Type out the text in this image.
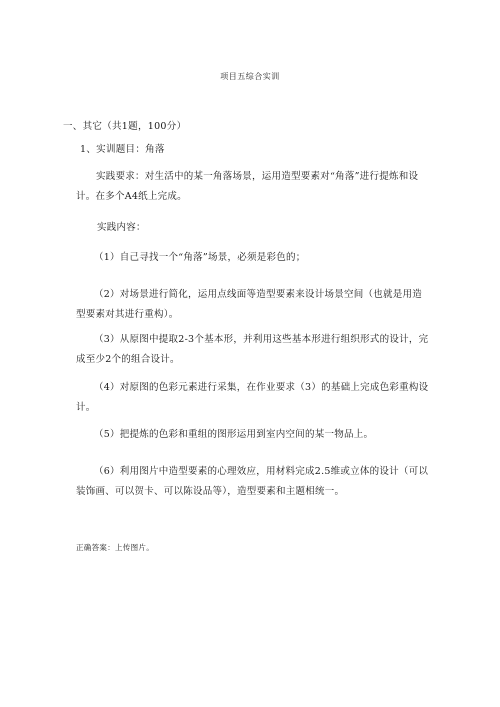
项目五综合实训
一、其它（共1题，100分）
1、实训题目：角落
实践要求：对生活中的某一角落场景，运用造型要素对“角落”进行提炼和设计。在多个A4纸上完成。
实践内容：
（1）自己寻找一个“角落”场景，必须是彩色的；
（2）对场景进行简化，运用点线面等造型要素来设计场景空间（也就是用造型要素对其进行重构）。
（3）从原图中提取2-3个基本形，并利用这些基本形进行组织形式的设计，完成至少2个的组合设计。
（4）对原图的色彩元素进行采集，在作业要求（3）的基础上完成色彩重构设计。
（5）把提炼的色彩和重组的图形运用到室内空间的某一物品上。
（6）利用图片中造型要素的心理效应，用材料完成2.5维或立体的设计（可以装饰画、可以贺卡、可以陈设品等），造型要素和主题相统一。
正确答案：上传图片。
